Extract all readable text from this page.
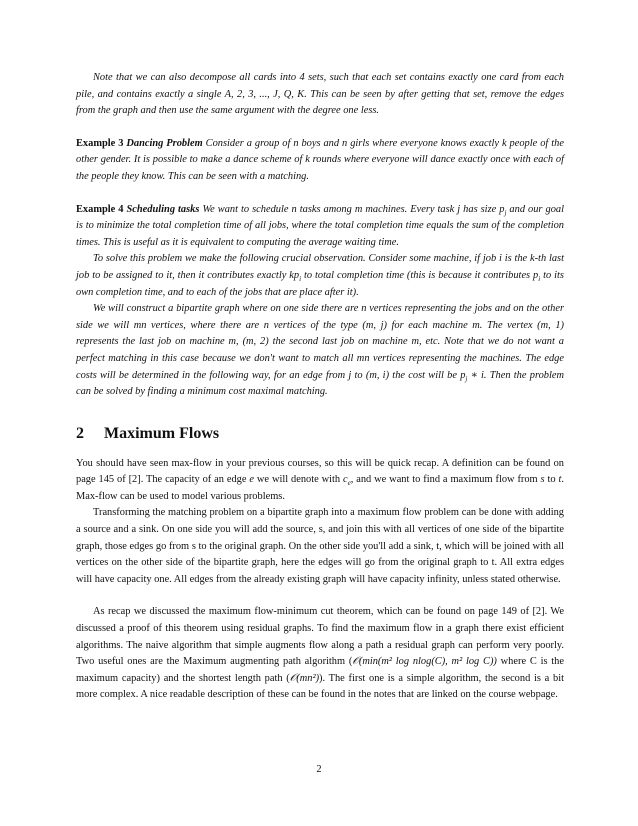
Note that we can also decompose all cards into 4 sets, such that each set contains exactly one card from each pile, and contains exactly a single A, 2, 3, ..., J, Q, K. This can be seen by after getting that set, remove the edges from the graph and then use the same argument with the degree one less.

Example 3 Dancing Problem Consider a group of n boys and n girls where everyone knows exactly k people of the other gender. It is possible to make a dance scheme of k rounds where everyone will dance exactly once with each of the people they know. This can be seen with a matching.

Example 4 Scheduling tasks We want to schedule n tasks among m machines. Every task j has size $p_j$ and our goal is to minimize the total completion time of all jobs, where the total completion time equals the sum of the completion times. This is useful as it is equivalent to computing the average waiting time.

To solve this problem we make the following crucial observation. Consider some machine, if job i is the k-th last job to be assigned to it, then it contributes exactly $kp_i$ to total completion time (this is because it contributes $p_i$ to its own completion time, and to each of the jobs that are place after it).

We will construct a bipartite graph where on one side there are n vertices representing the jobs and on the other side we will mn vertices, where there are n vertices of the type (m, j) for each machine m. The vertex (m, 1) represents the last job on machine m, (m, 2) the second last job on machine m, etc. Note that we do not want a perfect matching in this case because we don't want to match all mn vertices representing the machines. The edge costs will be determined in the following way, for an edge from j to (m, i) the cost will be $p_j$ ∗ i. Then the problem can be solved by finding a minimum cost maximal matching.

2 Maximum Flows

You should have seen max-flow in your previous courses, so this will be quick recap. A definition can be found on page 145 of [2]. The capacity of an edge e we will denote with $c_e$, and we want to find a maximum flow from s to t. Max-flow can be used to model various problems.

Transforming the matching problem on a bipartite graph into a maximum flow problem can be done with adding a source and a sink. On one side you will add the source, s, and join this with all vertices of one side of the bipartite graph, those edges go from s to the original graph. On the other side you'll add a sink, t, which will be joined with all vertices on the other side of the bipartite graph, here the edges will go from the original graph to t. All extra edges will have capacity one. All edges from the already existing graph will have capacity infinity, unless stated otherwise.

As recap we discussed the maximum flow-minimum cut theorem, which can be found on page 149 of [2]. We discussed a proof of this theorem using residual graphs. To find the maximum flow in a graph there exist efficient algorithms. The naive algorithm that simple augments flow along a path a residual graph can perform very poorly. Two useful ones are the Maximum augmenting path algorithm (𝒪(min(m² log nlog(C), m² log C)) where C is the maximum capacity) and the shortest length path (𝒪(mn²)). The first one is a simple algorithm, the second is a bit more complex. A nice readable description of these can be found in the notes that are linked on the course webpage.

2
